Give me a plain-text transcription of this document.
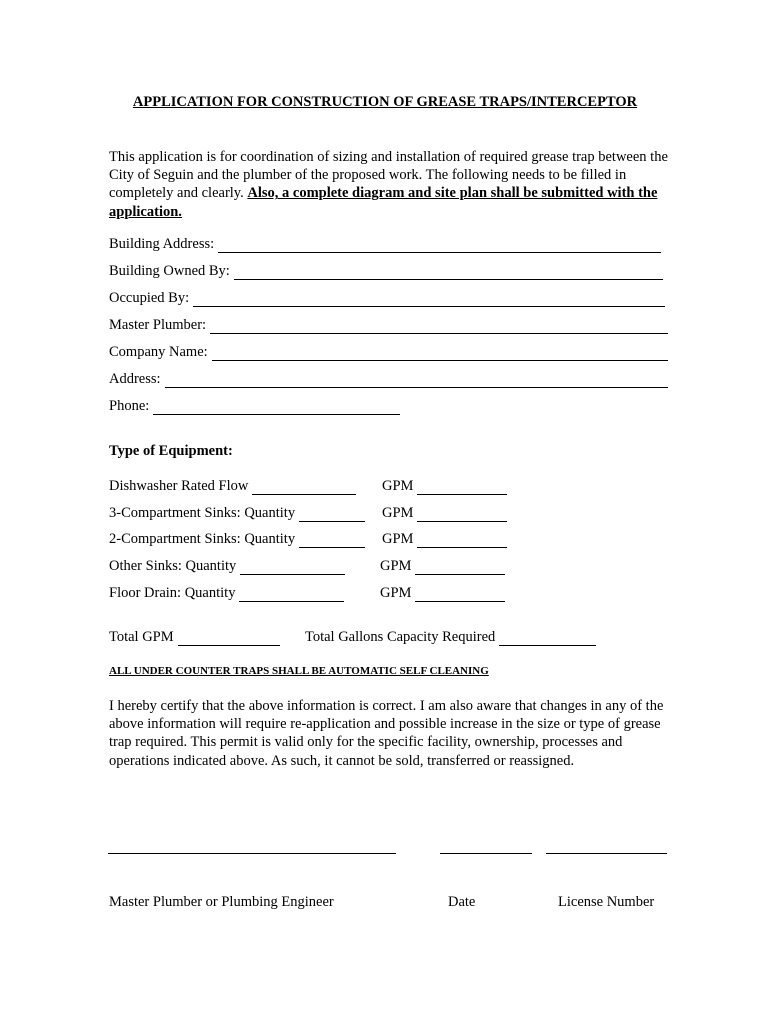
APPLICATION FOR CONSTRUCTION OF GREASE TRAPS/INTERCEPTOR
This application is for coordination of sizing and installation of required grease trap between the City of Seguin and the plumber of the proposed work. The following needs to be filled in completely and clearly. Also, a complete diagram and site plan shall be submitted with the application.
Building Address:
Building Owned By:
Occupied By:
Master Plumber:
Company Name:
Address:
Phone:
Type of Equipment:
Dishwasher Rated Flow	GPM
3-Compartment Sinks: Quantity	GPM
2-Compartment Sinks: Quantity	GPM
Other Sinks: Quantity	GPM
Floor Drain: Quantity	GPM
Total GPM	Total Gallons Capacity Required
ALL UNDER COUNTER TRAPS SHALL BE AUTOMATIC SELF CLEANING
I hereby certify that the above information is correct. I am also aware that changes in any of the above information will require re-application and possible increase in the size or type of grease trap required. This permit is valid only for the specific facility, ownership, processes and operations indicated above. As such, it cannot be sold, transferred or reassigned.
Master Plumber or Plumbing Engineer	Date	License Number
